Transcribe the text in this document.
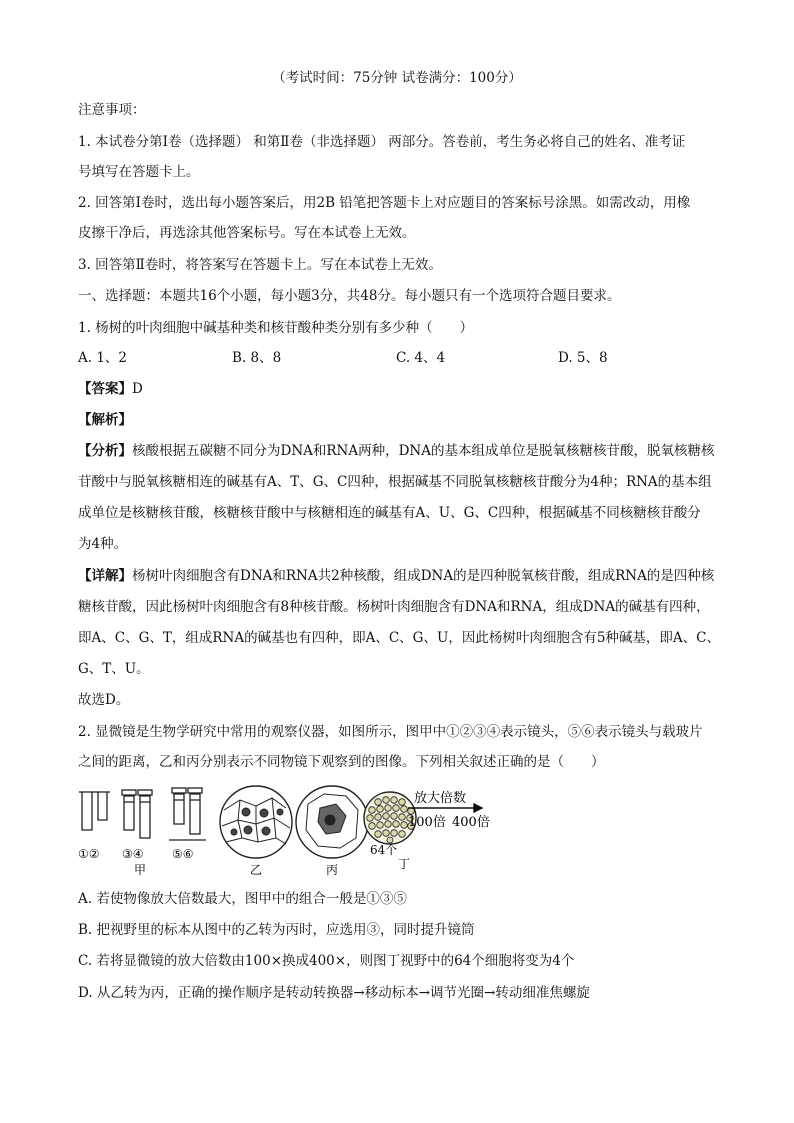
（考试时间：75分钟 试卷满分：100分）
注意事项：
1. 本试卷分第Ⅰ卷（选择题） 和第Ⅱ卷（非选择题） 两部分。答卷前，考生务必将自己的姓名、准考证
号填写在答题卡上。
2. 回答第Ⅰ卷时，选出每小题答案后，用2B 铅笔把答题卡上对应题目的答案标号涂黑。如需改动，用橡
皮擦干净后，再选涂其他答案标号。写在本试卷上无效。
3. 回答第Ⅱ卷时，将答案写在答题卡上。写在本试卷上无效。
一、选择题：本题共16个小题，每小题3分，共48分。每小题只有一个选项符合题目要求。
1. 杨树的叶肉细胞中碱基种类和核苷酸种类分别有多少种（　　）
A. 1、2	B. 8、8	C. 4、4	D. 5、8
【答案】D
【解析】
【分析】核酸根据五碳糖不同分为DNA和RNA两种，DNA的基本组成单位是脱氧核糖核苷酸，脱氧核糖核
苷酸中与脱氧核糖相连的碱基有A、T、G、C四种，根据碱基不同脱氧核糖核苷酸分为4种；RNA的基本组
成单位是核糖核苷酸，核糖核苷酸中与核糖相连的碱基有A、U、G、C四种，根据碱基不同核糖核苷酸分
为4种。
【详解】杨树叶肉细胞含有DNA和RNA共2种核酸，组成DNA的是四种脱氧核苷酸，组成RNA的是四种核
糖核苷酸，因此杨树叶肉细胞含有8种核苷酸。杨树叶肉细胞含有DNA和RNA，组成DNA的碱基有四种，
即A、C、G、T，组成RNA的碱基也有四种，即A、C、G、U，因此杨树叶肉细胞含有5种碱基，即A、C、
G、T、U。
故选D。
2. 显微镜是生物学研究中常用的观察仪器，如图所示，图甲中①②③④表示镜头，⑤⑥表示镜头与载玻片
之间的距离，乙和丙分别表示不同物镜下观察到的图像。下列相关叙述正确的是（　　）
①② ③④ ⑤⑥
甲	乙	丙
64个
丁
放大倍数
100倍 400倍
A. 若使物像放大倍数最大，图甲中的组合一般是①③⑤
B. 把视野里的标本从图中的乙转为丙时，应选用③，同时提升镜筒
C. 若将显微镜的放大倍数由100×换成400×，则图丁视野中的64个细胞将变为4个
D. 从乙转为丙，正确的操作顺序是转动转换器→移动标本→调节光圈→转动细准焦螺旋
